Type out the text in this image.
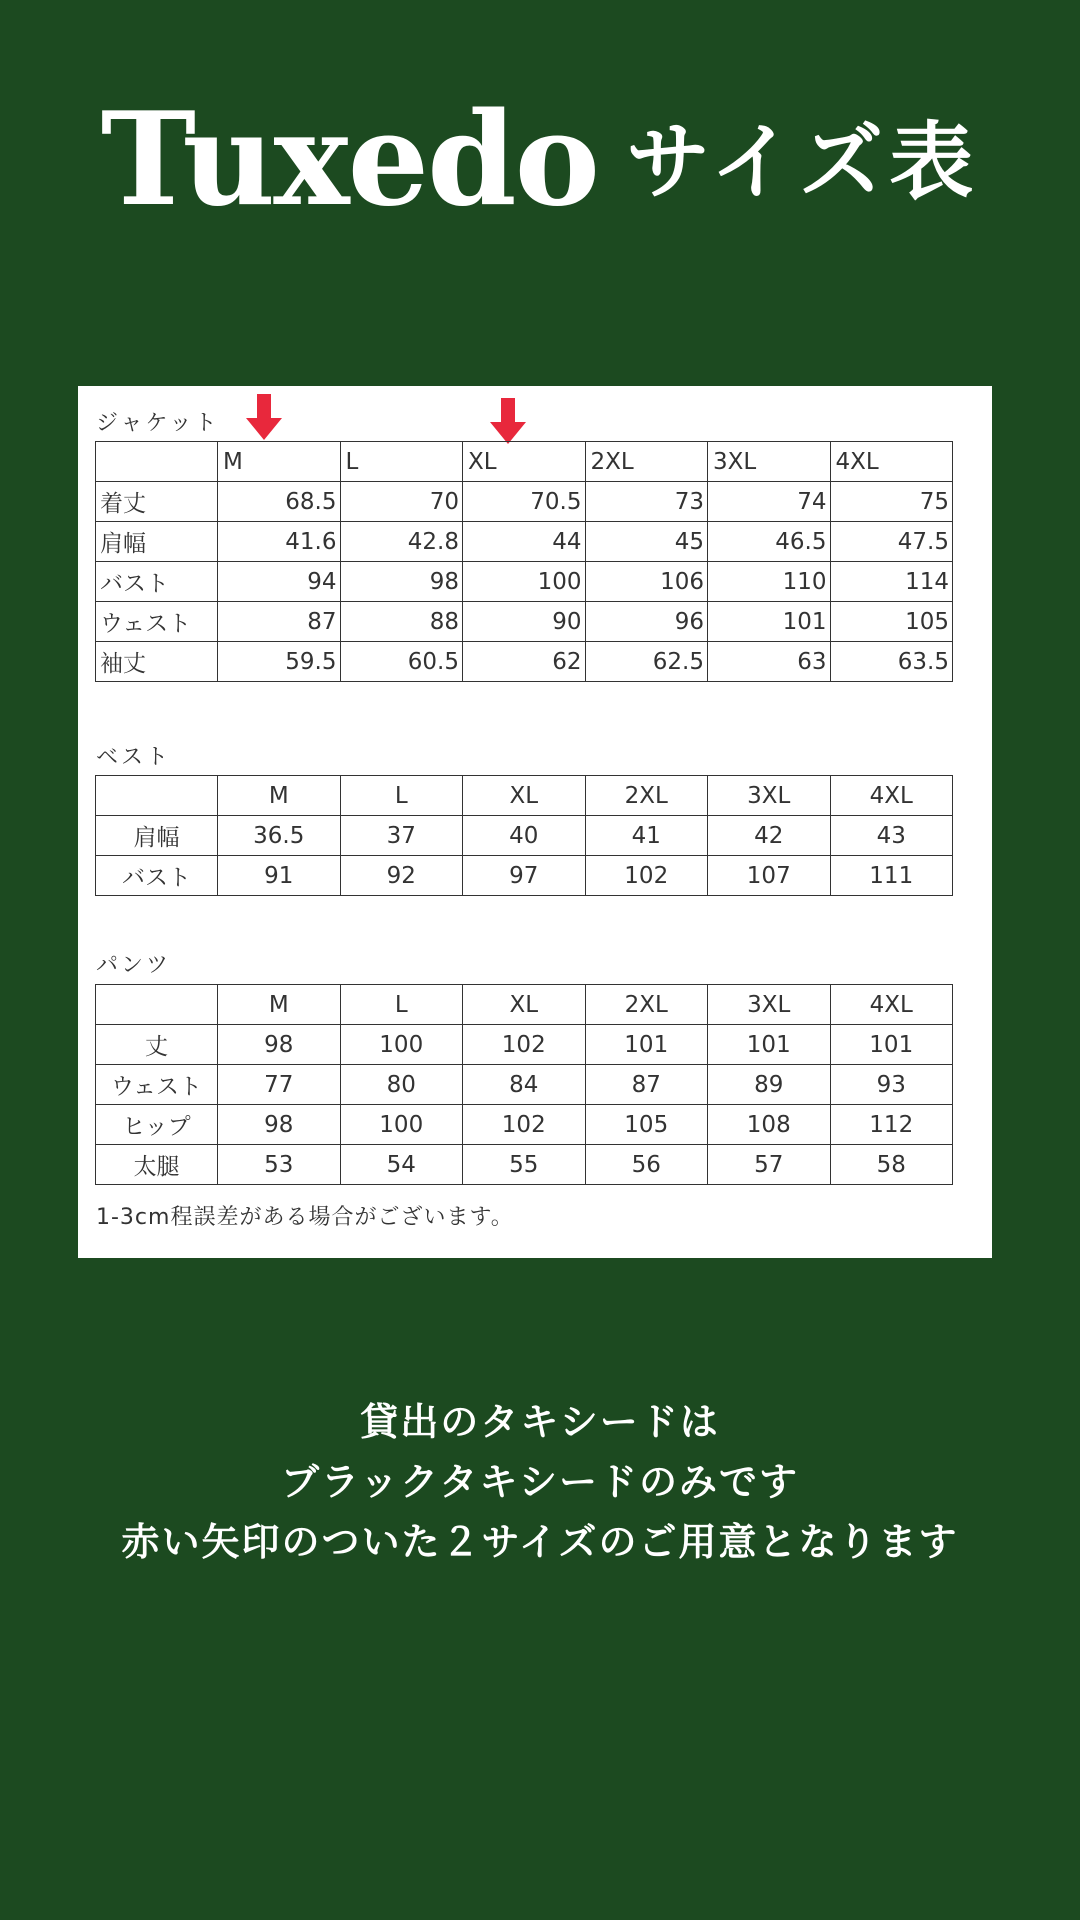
Tuxedo サイズ表
ジャケット
	M	L	XL	2XL	3XL	4XL
着丈	68.5	70	70.5	73	74	75
肩幅	41.6	42.8	44	45	46.5	47.5
バスト	94	98	100	106	110	114
ウェスト	87	88	90	96	101	105
袖丈	59.5	60.5	62	62.5	63	63.5
ベスト
	M	L	XL	2XL	3XL	4XL
肩幅	36.5	37	40	41	42	43
バスト	91	92	97	102	107	111
パンツ
	M	L	XL	2XL	3XL	4XL
丈	98	100	102	101	101	101
ウェスト	77	80	84	87	89	93
ヒップ	98	100	102	105	108	112
太腿	53	54	55	56	57	58
1-3cm程誤差がある場合がございます。
貸出のタキシードは
ブラックタキシードのみです
赤い矢印のついた２サイズのご用意となります
